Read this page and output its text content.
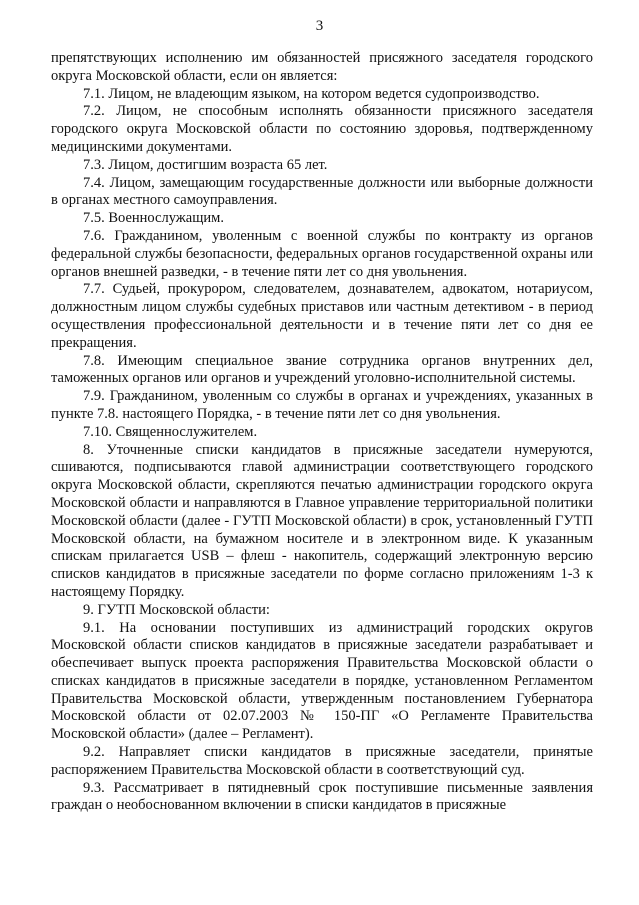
3

препятствующих исполнению им обязанностей присяжного заседателя городского округа Московской области, если он является:

7.1. Лицом, не владеющим языком, на котором ведется судопроизводство.

7.2. Лицом, не способным исполнять обязанности присяжного заседателя городского округа Московской области по состоянию здоровья, подтвержденному медицинскими документами.

7.3. Лицом, достигшим возраста 65 лет.

7.4. Лицом, замещающим государственные должности или выборные должности в органах местного самоуправления.

7.5. Военнослужащим.

7.6. Гражданином, уволенным с военной службы по контракту из органов федеральной службы безопасности, федеральных органов государственной охраны или органов внешней разведки, - в течение пяти лет со дня увольнения.

7.7. Судьей, прокурором, следователем, дознавателем, адвокатом, нотариусом, должностным лицом службы судебных приставов или частным детективом - в период осуществления профессиональной деятельности и в течение пяти лет со дня ее прекращения.

7.8. Имеющим специальное звание сотрудника органов внутренних дел, таможенных органов или органов и учреждений уголовно-исполнительной системы.

7.9. Гражданином, уволенным со службы в органах и учреждениях, указанных в пункте 7.8. настоящего Порядка, - в течение пяти лет со дня увольнения.

7.10. Священнослужителем.

8. Уточненные списки кандидатов в присяжные заседатели нумеруются, сшиваются, подписываются главой администрации соответствующего городского округа Московской области, скрепляются печатью администрации городского округа Московской области и направляются в Главное управление территориальной политики Московской области (далее - ГУТП Московской области) в срок, установленный ГУТП Московской области, на бумажном носителе и в электронном виде. К указанным спискам прилагается USB – флеш - накопитель, содержащий электронную версию списков кандидатов в присяжные заседатели по форме согласно приложениям 1-3 к настоящему Порядку.

9. ГУТП Московской области:

9.1. На основании поступивших из администраций городских округов Московской области списков кандидатов в присяжные заседатели разрабатывает и обеспечивает выпуск проекта распоряжения Правительства Московской области о списках кандидатов в присяжные заседатели в порядке, установленном Регламентом Правительства Московской области, утвержденным постановлением Губернатора Московской области от 02.07.2003 № 150-ПГ «О Регламенте Правительства Московской области» (далее – Регламент).

9.2. Направляет списки кандидатов в присяжные заседатели, принятые распоряжением Правительства Московской области в соответствующий суд.

9.3. Рассматривает в пятидневный срок поступившие письменные заявления граждан о необоснованном включении в списки кандидатов в присяжные
